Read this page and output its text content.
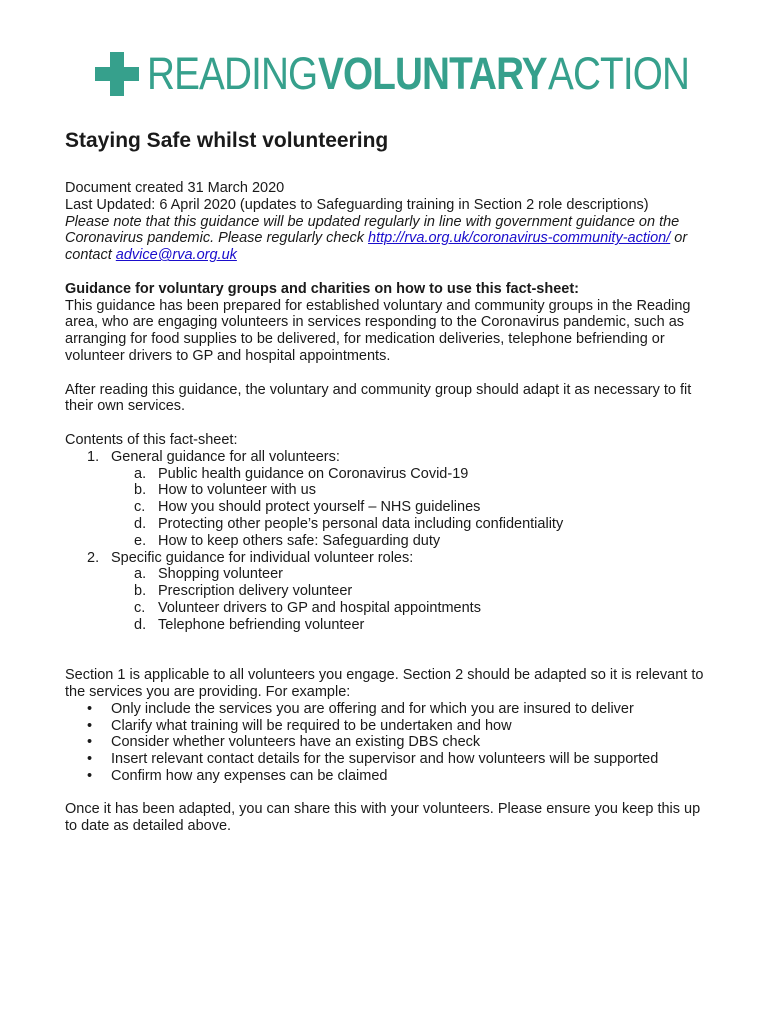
READING VOLUNTARY ACTION
Staying Safe whilst volunteering

Document created 31 March 2020

Last Updated: 6 April 2020 (updates to Safeguarding training in Section 2 role descriptions)

Please note that this guidance will be updated regularly in line with government guidance on the Coronavirus pandemic. Please regularly check http://rva.org.uk/coronavirus-community-action/ or contact advice@rva.org.uk

Guidance for voluntary groups and charities on how to use this fact-sheet:

This guidance has been prepared for established voluntary and community groups in the Reading area, who are engaging volunteers in services responding to the Coronavirus pandemic, such as arranging for food supplies to be delivered, for medication deliveries, telephone befriending or volunteer drivers to GP and hospital appointments.

After reading this guidance, the voluntary and community group should adapt it as necessary to fit their own services.

Contents of this fact-sheet:

1. General guidance for all volunteers:
a. Public health guidance on Coronavirus Covid-19
b. How to volunteer with us
c. How you should protect yourself – NHS guidelines
d. Protecting other people’s personal data including confidentiality
e. How to keep others safe: Safeguarding duty
2. Specific guidance for individual volunteer roles:
a. Shopping volunteer
b. Prescription delivery volunteer
c. Volunteer drivers to GP and hospital appointments
d. Telephone befriending volunteer

Section 1 is applicable to all volunteers you engage. Section 2 should be adapted so it is relevant to the services you are providing. For example:

• Only include the services you are offering and for which you are insured to deliver
• Clarify what training will be required to be undertaken and how
• Consider whether volunteers have an existing DBS check
• Insert relevant contact details for the supervisor and how volunteers will be supported
• Confirm how any expenses can be claimed

Once it has been adapted, you can share this with your volunteers. Please ensure you keep this up to date as detailed above.
